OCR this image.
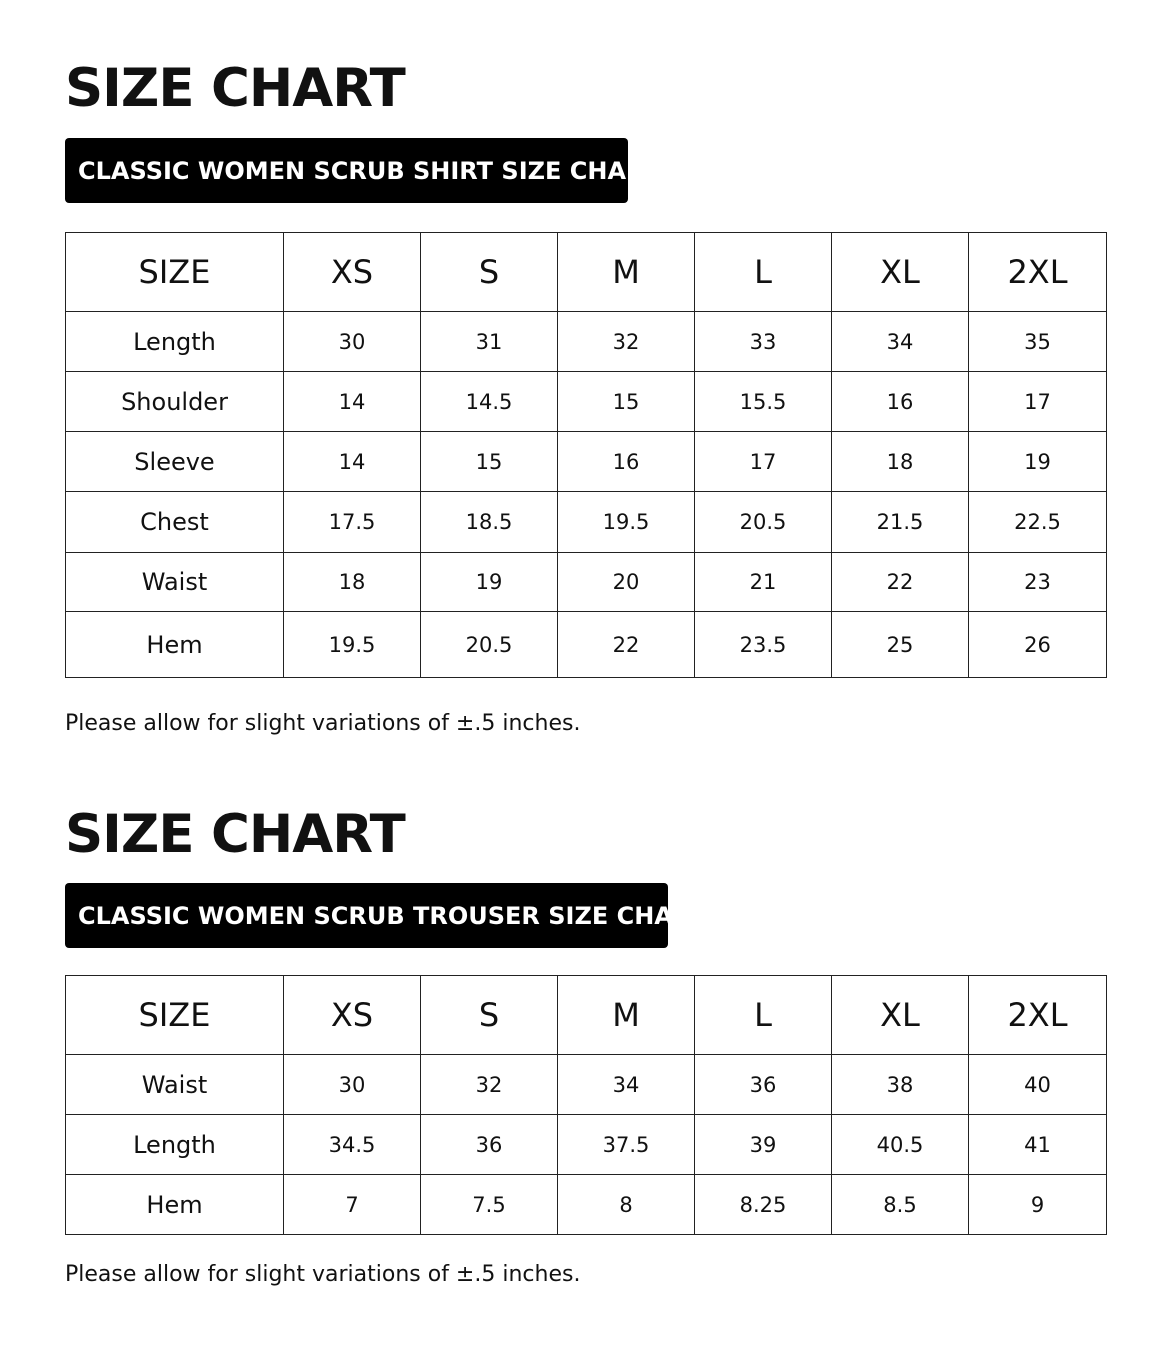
SIZE CHART
CLASSIC WOMEN SCRUB SHIRT SIZE CHART
SIZE	XS	S	M	L	XL	2XL
Length	30	31	32	33	34	35
Shoulder	14	14.5	15	15.5	16	17
Sleeve	14	15	16	17	18	19
Chest	17.5	18.5	19.5	20.5	21.5	22.5
Waist	18	19	20	21	22	23
Hem	19.5	20.5	22	23.5	25	26

Please allow for slight variations of ±.5 inches.

SIZE CHART
CLASSIC WOMEN SCRUB TROUSER SIZE CHART
SIZE	XS	S	M	L	XL	2XL
Waist	30	32	34	36	38	40
Length	34.5	36	37.5	39	40.5	41
Hem	7	7.5	8	8.25	8.5	9

Please allow for slight variations of ±.5 inches.
